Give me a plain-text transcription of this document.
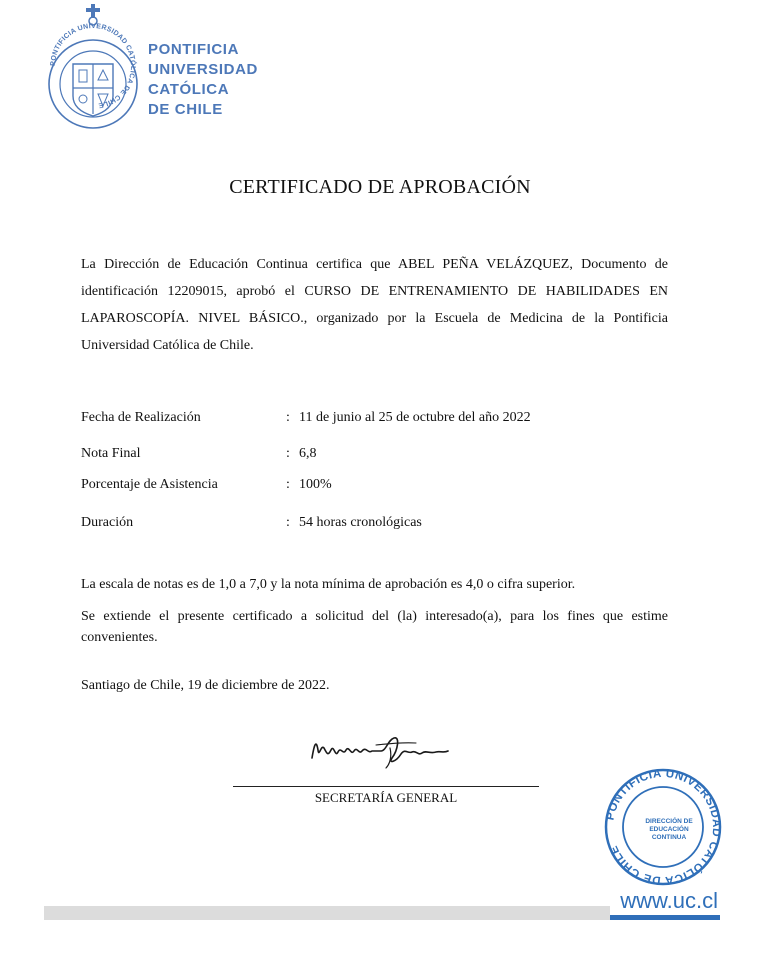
PONTIFICIA UNIVERSIDAD CATÓLICA DE CHILE
PONTIFICIA
UNIVERSIDAD
CATÓLICA
DE CHILE
CERTIFICADO DE APROBACIÓN
La Dirección de Educación Continua certifica que ABEL PEÑA VELÁZQUEZ, Documento de identificación 12209015, aprobó el CURSO DE ENTRENAMIENTO DE HABILIDADES EN LAPAROSCOPÍA. NIVEL BÁSICO., organizado por la Escuela de Medicina de la Pontificia Universidad Católica de Chile.
Fecha de Realización	: 11 de junio al 25 de octubre del año 2022
Nota Final	: 6,8
Porcentaje de Asistencia	: 100%
Duración	: 54 horas cronológicas
La escala de notas es de 1,0 a 7,0 y la nota mínima de aprobación es 4,0 o cifra superior.
Se extiende el presente certificado a solicitud del (la) interesado(a), para los fines que estime convenientes.
Santiago de Chile, 19 de diciembre de 2022.
SECRETARÍA GENERAL
PONTIFICIA UNIVERSIDAD CATÓLICA DE CHILE
DIRECCIÓN DE
EDUCACIÓN CONTINUA
www.uc.cl
